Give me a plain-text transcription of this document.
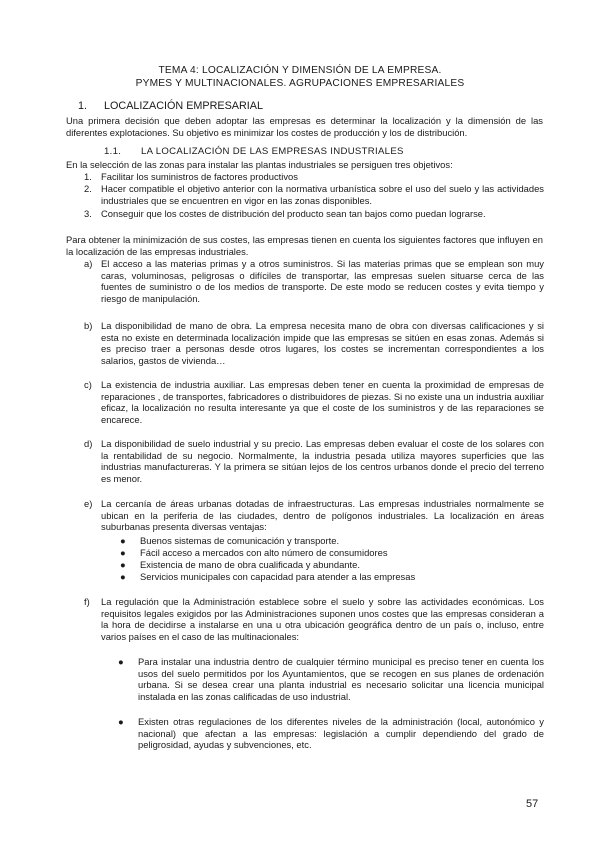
TEMA 4: LOCALIZACIÓN Y DIMENSIÓN DE LA EMPRESA.
PYMES Y MULTINACIONALES. AGRUPACIONES EMPRESARIALES
1. LOCALIZACIÓN EMPRESARIAL

Una primera decisión que deben adoptar las empresas es determinar la localización y la dimensión de las diferentes explotaciones. Su objetivo es minimizar los costes de producción y los de distribución.

1.1. LA LOCALIZACIÓN DE LAS EMPRESAS INDUSTRIALES

En la selección de las zonas para instalar las plantas industriales se persiguen tres objetivos:

1. Facilitar los suministros de factores productivos
2. Hacer compatible el objetivo anterior con la normativa urbanística sobre el uso del suelo y las actividades industriales que se encuentren en vigor en las zonas disponibles.
3. Conseguir que los costes de distribución del producto sean tan bajos como puedan lograrse.

Para obtener la minimización de sus costes, las empresas tienen en cuenta los siguientes factores que influyen en la localización de las empresas industriales.

a) El acceso a las materias primas y a otros suministros. Si las materias primas que se emplean son muy caras, voluminosas, peligrosas o difíciles de transportar, las empresas suelen situarse cerca de las fuentes de suministro o de los medios de transporte. De este modo se reducen costes y evita tiempo y riesgo de manipulación.
b) La disponibilidad de mano de obra. La empresa necesita mano de obra con diversas calificaciones y si esta no existe en determinada localización impide que las empresas se sitúen en esas zonas. Además si es preciso traer a personas desde otros lugares, los costes se incrementan correspondientes a los salarios, gastos de vivienda…
c) La existencia de industria auxiliar. Las empresas deben tener en cuenta la proximidad de empresas de reparaciones , de transportes, fabricadores o distribuidores de piezas. Si no existe una un industria auxiliar eficaz, la localización no resulta interesante ya que el coste de los suministros y de las reparaciones se encarece.
d) La disponibilidad de suelo industrial y su precio. Las empresas deben evaluar el coste de los solares con la rentabilidad de su negocio. Normalmente, la industria pesada utiliza mayores superficies que las industrias manufactureras. Y la primera se sitúan lejos de los centros urbanos donde el precio del terreno es menor.
e) La cercanía de áreas urbanas dotadas de infraestructuras. Las empresas industriales normalmente se ubican en la periferia de las ciudades, dentro de polígonos industriales. La localización en áreas suburbanas presenta diversas ventajas:
● Buenos sistemas de comunicación y transporte.
● Fácil acceso a mercados con alto número de consumidores
● Existencia de mano de obra cualificada y abundante.
● Servicios municipales con capacidad para atender a las empresas
f) La regulación que la Administración establece sobre el suelo y sobre las actividades económicas. Los requisitos legales exigidos por las Administraciones suponen unos costes que las empresas consideran a la hora de decidirse a instalarse en una u otra ubicación geográfica dentro de un país o, incluso, entre varios países en el caso de las multinacionales:
● Para instalar una industria dentro de cualquier término municipal es preciso tener en cuenta los usos del suelo permitidos por los Ayuntamientos, que se recogen en sus planes de ordenación urbana. Si se desea crear una planta industrial es necesario solicitar una licencia municipal instalada en las zonas calificadas de uso industrial.
● Existen otras regulaciones de los diferentes niveles de la administración (local, autonómico y nacional) que afectan a las empresas: legislación a cumplir dependiendo del grado de peligrosidad, ayudas y subvenciones, etc.
57
